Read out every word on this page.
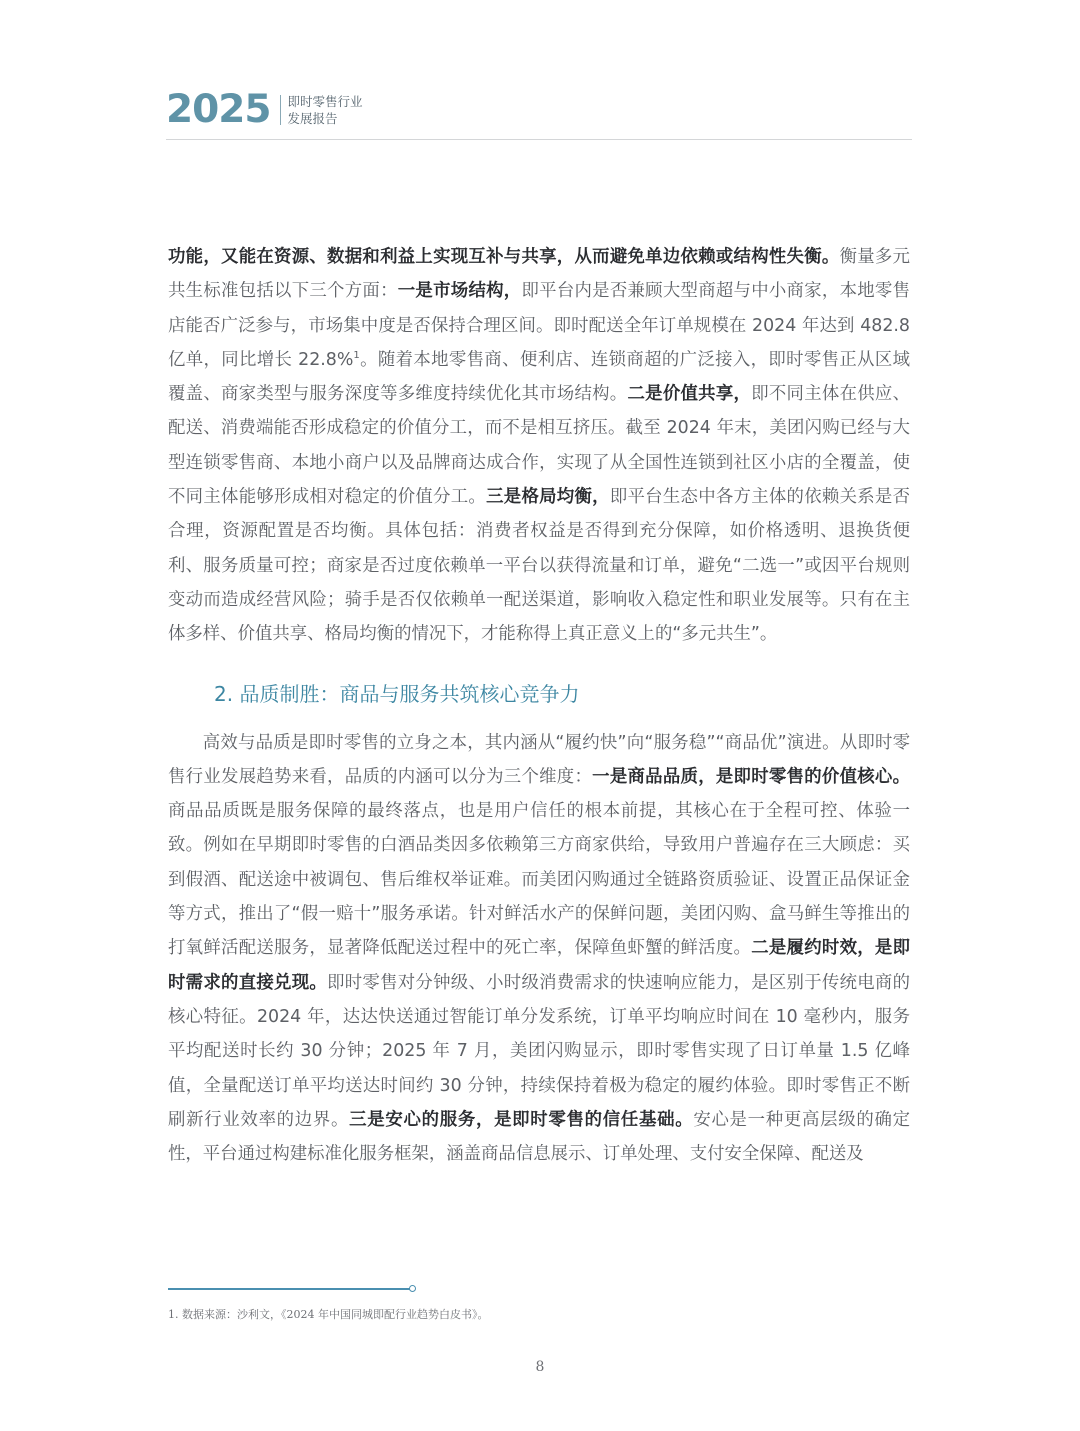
2025 即时零售行业
发展报告

功能，又能在资源、数据和利益上实现互补与共享，从而避免单边依赖或结构性失衡。衡量多元共生标准包括以下三个方面：一是市场结构，即平台内是否兼顾大型商超与中小商家，本地零售店能否广泛参与，市场集中度是否保持合理区间。即时配送全年订单规模在 2024 年达到 482.8 亿单，同比增长 22.8%$^1$。随着本地零售商、便利店、连锁商超的广泛接入，即时零售正从区域覆盖、商家类型与服务深度等多维度持续优化其市场结构。二是价值共享，即不同主体在供应、配送、消费端能否形成稳定的价值分工，而不是相互挤压。截至 2024 年末，美团闪购已经与大型连锁零售商、本地小商户以及品牌商达成合作，实现了从全国性连锁到社区小店的全覆盖，使不同主体能够形成相对稳定的价值分工。三是格局均衡，即平台生态中各方主体的依赖关系是否合理，资源配置是否均衡。具体包括：消费者权益是否得到充分保障，如价格透明、退换货便利、服务质量可控；商家是否过度依赖单一平台以获得流量和订单，避免“二选一”或因平台规则变动而造成经营风险；骑手是否仅依赖单一配送渠道，影响收入稳定性和职业发展等。只有在主体多样、价值共享、格局均衡的情况下，才能称得上真正意义上的“多元共生”。

2. 品质制胜：商品与服务共筑核心竞争力

高效与品质是即时零售的立身之本，其内涵从“履约快”向“服务稳”“商品优”演进。从即时零售行业发展趋势来看，品质的内涵可以分为三个维度：一是商品品质，是即时零售的价值核心。商品品质既是服务保障的最终落点，也是用户信任的根本前提，其核心在于全程可控、体验一致。例如在早期即时零售的白酒品类因多依赖第三方商家供给，导致用户普遍存在三大顾虑：买到假酒、配送途中被调包、售后维权举证难。而美团闪购通过全链路资质验证、设置正品保证金等方式，推出了“假一赔十”服务承诺。针对鲜活水产的保鲜问题，美团闪购、盒马鲜生等推出的打氧鲜活配送服务，显著降低配送过程中的死亡率，保障鱼虾蟹的鲜活度。二是履约时效，是即时需求的直接兑现。即时零售对分钟级、小时级消费需求的快速响应能力，是区别于传统电商的核心特征。2024 年，达达快送通过智能订单分发系统，订单平均响应时间在 10 毫秒内，服务平均配送时长约 30 分钟；2025 年 7 月，美团闪购显示，即时零售实现了日订单量 1.5 亿峰值，全量配送订单平均送达时间约 30 分钟，持续保持着极为稳定的履约体验。即时零售正不断刷新行业效率的边界。三是安心的服务，是即时零售的信任基础。安心是一种更高层级的确定性，平台通过构建标准化服务框架，涵盖商品信息展示、订单处理、支付安全保障、配送及

1. 数据来源：沙利文，《2024 年中国同城即配行业趋势白皮书》。
8
